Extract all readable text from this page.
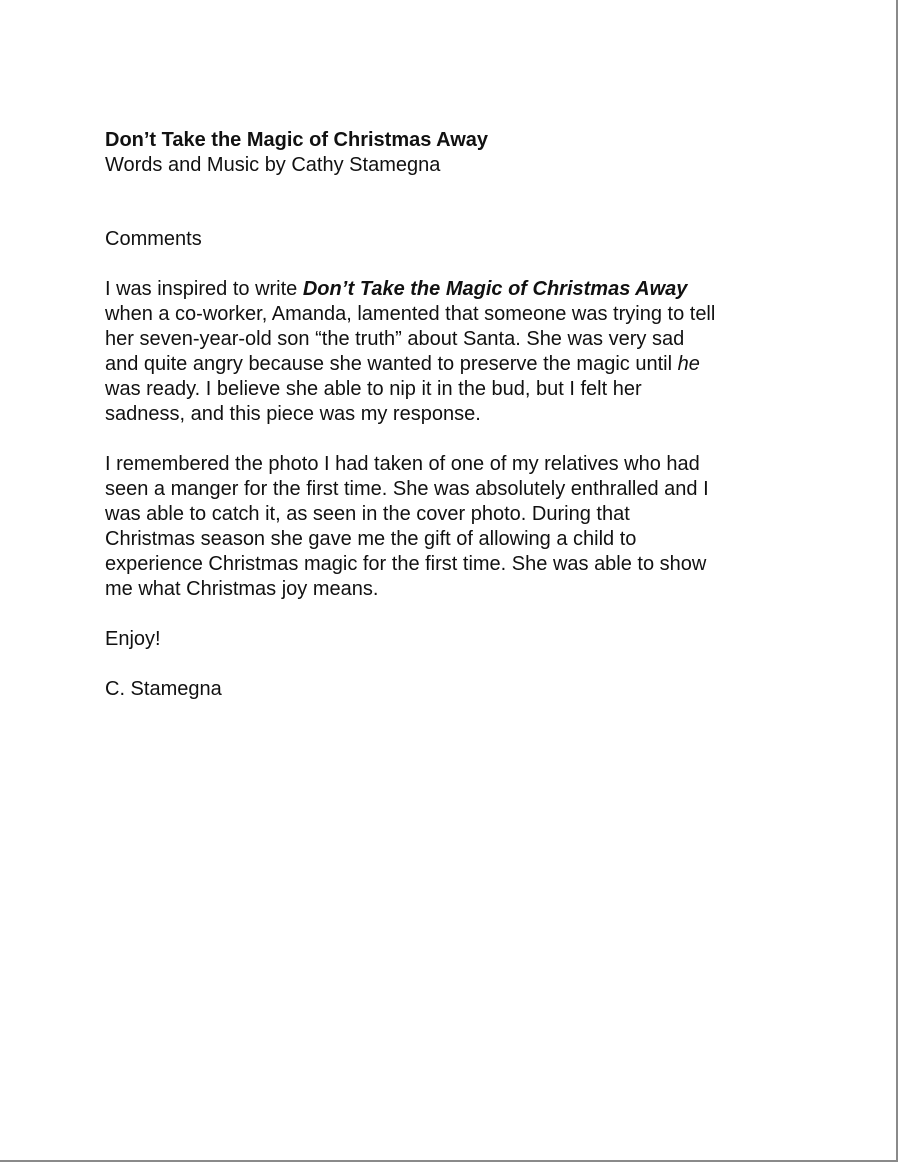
Don’t Take the Magic of Christmas Away

Words and Music by Cathy Stamegna

Comments

I was inspired to write Don’t Take the Magic of Christmas Away
when a co-worker, Amanda, lamented that someone was trying to tell
her seven-year-old son “the truth” about Santa. She was very sad
and quite angry because she wanted to preserve the magic until he
was ready. I believe she able to nip it in the bud, but I felt her
sadness, and this piece was my response.

I remembered the photo I had taken of one of my relatives who had
seen a manger for the first time. She was absolutely enthralled and I
was able to catch it, as seen in the cover photo. During that
Christmas season she gave me the gift of allowing a child to
experience Christmas magic for the first time. She was able to show
me what Christmas joy means.

Enjoy!

C. Stamegna
